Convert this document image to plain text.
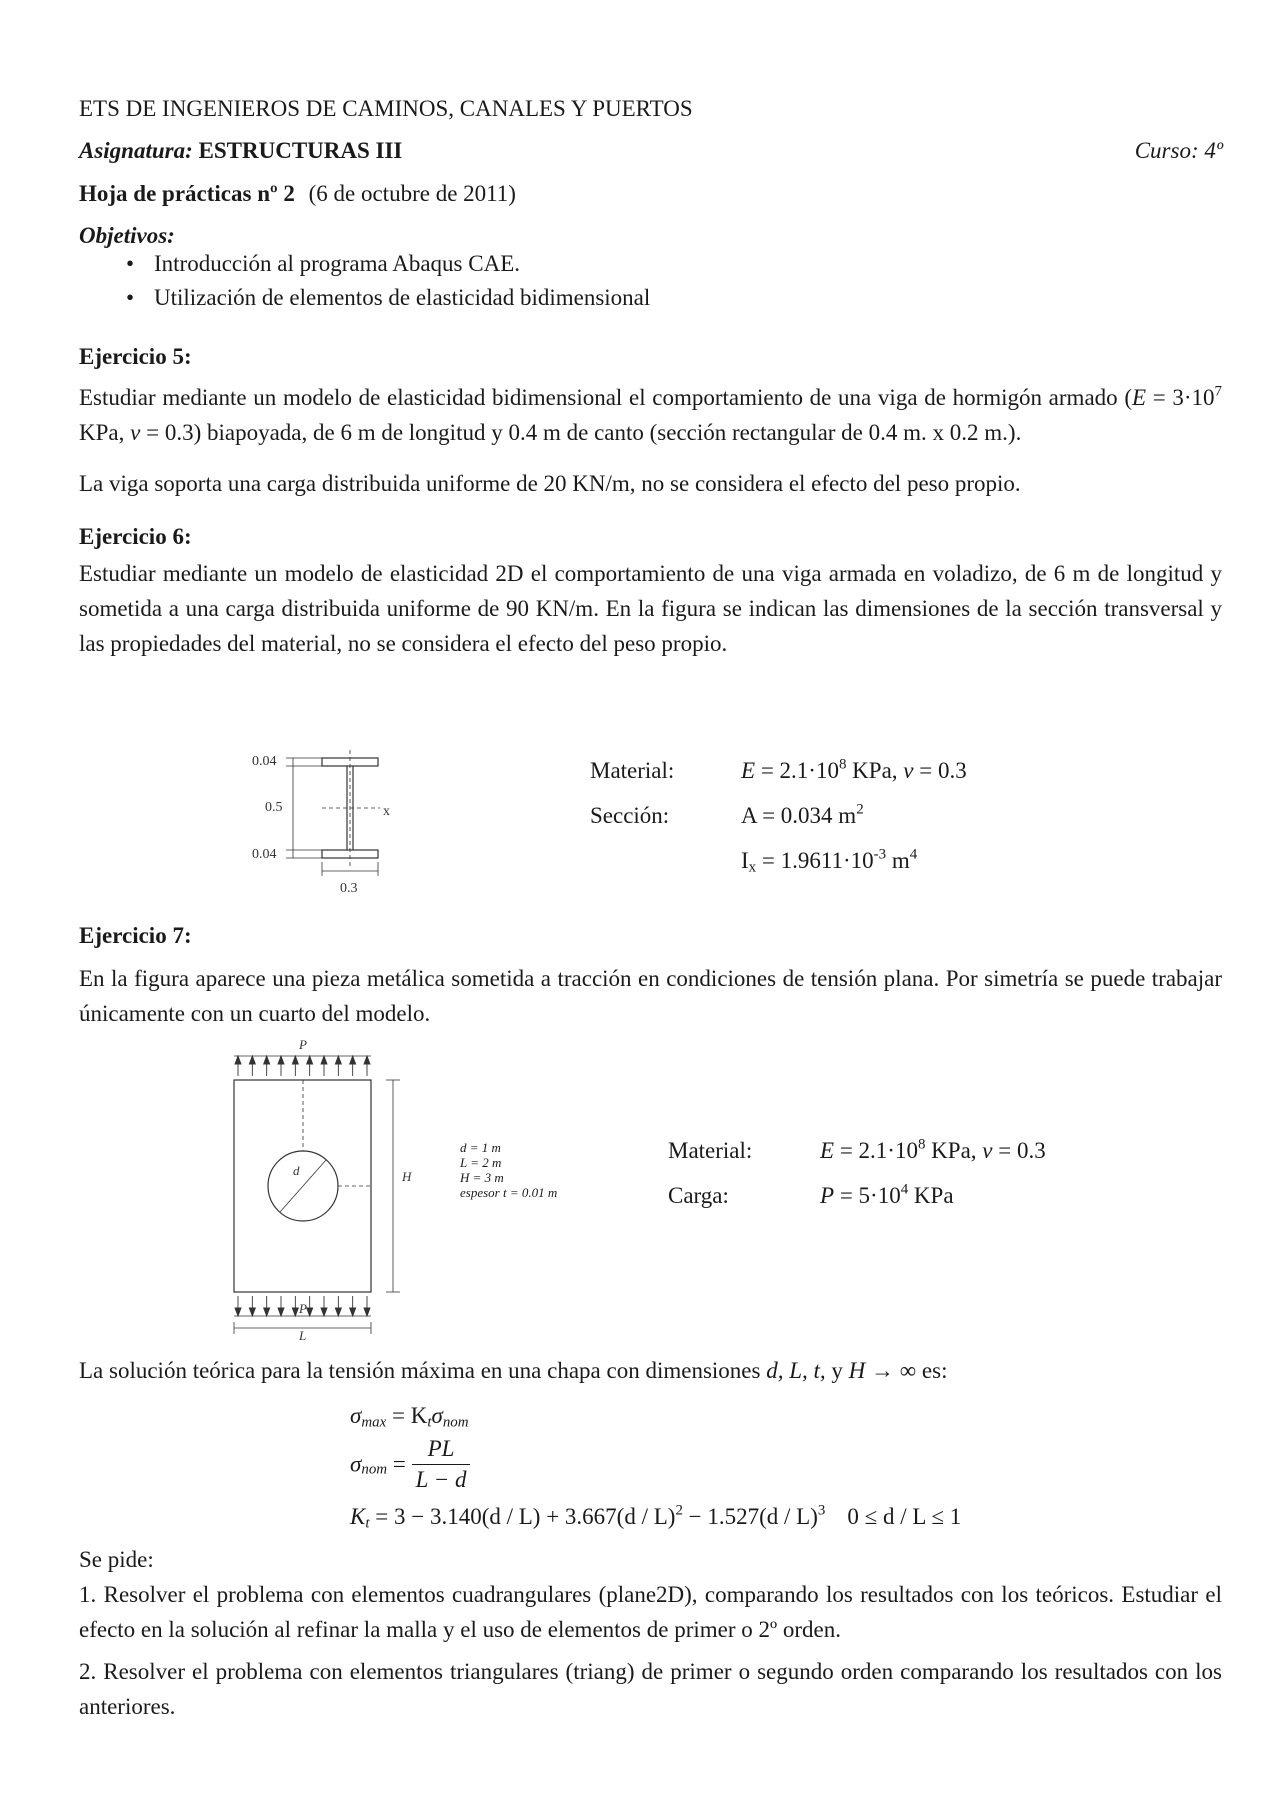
ETS DE INGENIEROS DE CAMINOS, CANALES Y PUERTOS
Asignatura: ESTRUCTURAS III	Curso: 4º
Hoja de prácticas nº 2 (6 de octubre de 2011)
Objetivos:
• Introducción al programa Abaqus CAE.
• Utilización de elementos de elasticidad bidimensional
Ejercicio 5:
Estudiar mediante un modelo de elasticidad bidimensional el comportamiento de una viga de hormigón armado ($E = 3\cdot 10^7$ KPa, ν = 0.3) biapoyada, de 6 m de longitud y 0.4 m de canto (sección rectangular de 0.4 m. x 0.2 m.).
La viga soporta una carga distribuida uniforme de 20 KN/m, no se considera el efecto del peso propio.
Ejercicio 6:
Estudiar mediante un modelo de elasticidad 2D el comportamiento de una viga armada en voladizo, de 6 m de longitud y sometida a una carga distribuida uniforme de 90 KN/m. En la figura se indican las dimensiones de la sección transversal y las propiedades del material, no se considera el efecto del peso propio.
0.04
0.5
0.04
0.3
x
Material:	$E = 2.1\cdot 10^8$ KPa, ν = 0.3
Sección:	A = 0.034 $m^2$
$I_x = 1.9611\cdot 10^{-3}$ $m^4$
Ejercicio 7:
En la figura aparece una pieza metálica sometida a tracción en condiciones de tensión plana. Por simetría se puede trabajar únicamente con un cuarto del modelo.
P
P
L
H
d
d = 1 m
L = 2 m
H = 3 m
espesor t = 0.01 m
Material:	$E = 2.1\cdot 10^8$ KPa, ν = 0.3
Carga:	$P = 5\cdot 10^4$ KPa
La solución teórica para la tensión máxima en una chapa con dimensiones d, L, t, y H → ∞ es:
$\sigma_{max} = K_t\sigma_{nom}$
$\sigma_{nom} = \frac{PL}{L - d}$
$K_t = 3 - 3.140(d / L) + 3.667(d / L)^2 - 1.527(d / L)^3$ 0 ≤ d / L ≤ 1
Se pide:
1. Resolver el problema con elementos cuadrangulares (plane2D), comparando los resultados con los teóricos. Estudiar el efecto en la solución al refinar la malla y el uso de elementos de primer o 2º orden.
2. Resolver el problema con elementos triangulares (triang) de primer o segundo orden comparando los resultados con los anteriores.
